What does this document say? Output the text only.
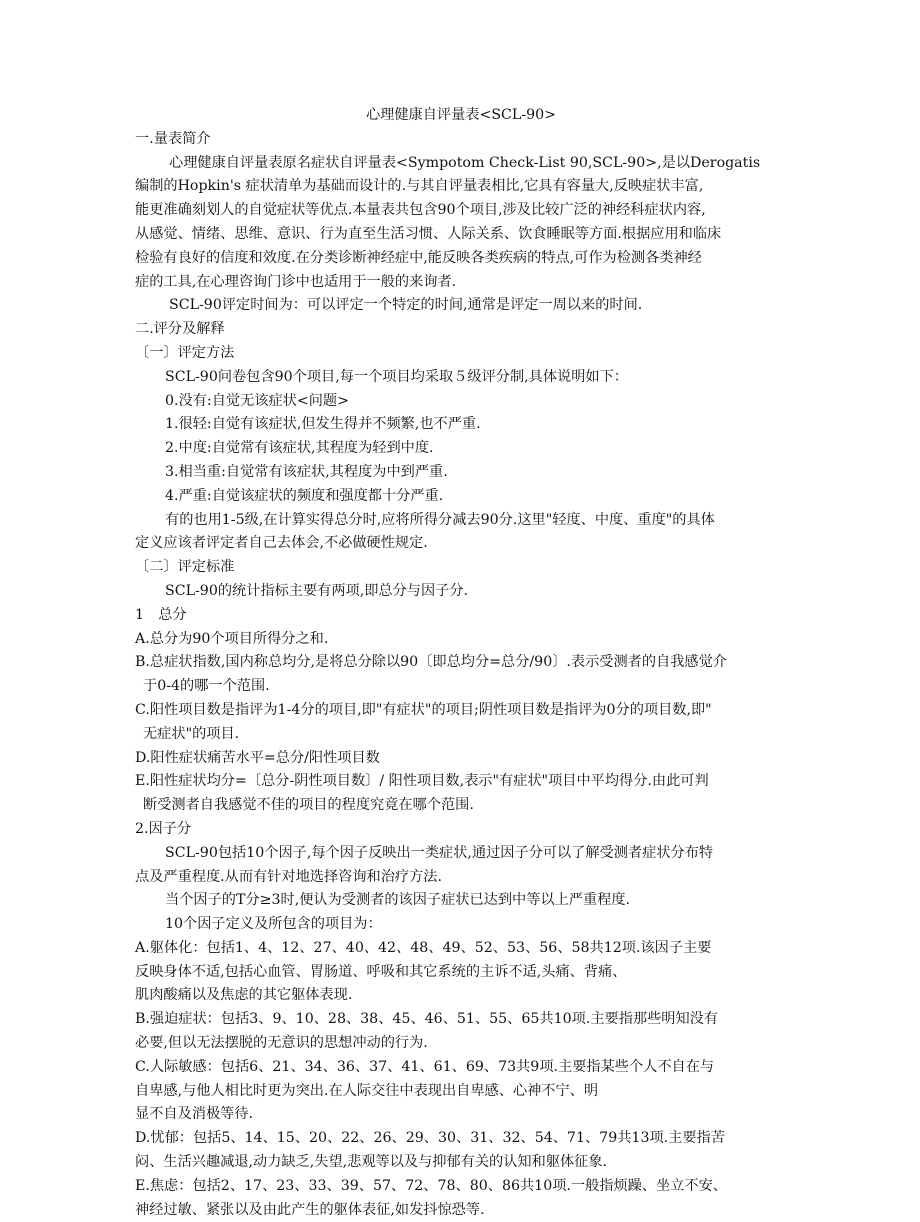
心理健康自评量表<SCL-90>
一.量表简介
心理健康自评量表原名症状自评量表<Sympotom Check-List 90,SCL-90>,是以Derogatis
编制的Hopkin's 症状清单为基础而设计的.与其自评量表相比,它具有容量大,反映症状丰富,
能更准确刻划人的自觉症状等优点.本量表共包含90个项目,涉及比较广泛的神经科症状内容,
从感觉、情绪、思维、意识、行为直至生活习惯、人际关系、饮食睡眠等方面.根据应用和临床
检验有良好的信度和效度.在分类诊断神经症中,能反映各类疾病的特点,可作为检测各类神经
症的工具,在心理咨询门诊中也适用于一般的来询者.
SCL-90评定时间为：可以评定一个特定的时间,通常是评定一周以来的时间.
二.评分及解释
〔一〕评定方法
SCL-90问卷包含90个项目,每一个项目均采取５级评分制,具体说明如下：
0.没有:自觉无该症状<问题>
1.很轻:自觉有该症状,但发生得并不频繁,也不严重.
2.中度:自觉常有该症状,其程度为轻到中度.
3.相当重:自觉常有该症状,其程度为中到严重.
4.严重:自觉该症状的频度和强度都十分严重.
有的也用1-5级,在计算实得总分时,应将所得分减去90分.这里"轻度、中度、重度"的具体
定义应该者评定者自己去体会,不必做硬性规定.
〔二〕评定标准
SCL-90的统计指标主要有两项,即总分与因子分.
1　总分
A.总分为90个项目所得分之和.
B.总症状指数,国内称总均分,是将总分除以90〔即总均分=总分/90〕.表示受测者的自我感觉介
于0-4的哪一个范围.
C.阳性项目数是指评为1-4分的项目,即"有症状"的项目;阴性项目数是指评为0分的项目数,即"
无症状"的项目.
D.阳性症状痛苦水平=总分/阳性项目数
E.阳性症状均分=〔总分-阴性项目数〕/ 阳性项目数,表示"有症状"项目中平均得分.由此可判
断受测者自我感觉不佳的项目的程度究竟在哪个范围.
2.因子分
SCL-90包括10个因子,每个因子反映出一类症状,通过因子分可以了解受测者症状分布特
点及严重程度.从而有针对地选择咨询和治疗方法.
当个因子的T分≥3时,便认为受测者的该因子症状已达到中等以上严重程度.
10个因子定义及所包含的项目为：
A.躯体化：包括1、4、12、27、40、42、48、49、52、53、56、58共12项.该因子主要
反映身体不适,包括心血管、胃肠道、呼吸和其它系统的主诉不适,头痛、背痛、
肌肉酸痛以及焦虑的其它躯体表现.
B.强迫症状：包括3、9、10、28、38、45、46、51、55、65共10项.主要指那些明知没有
必要,但以无法摆脱的无意识的思想冲动的行为.
C.人际敏感：包括6、21、34、36、37、41、61、69、73共9项.主要指某些个人不自在与
自卑感,与他人相比时更为突出.在人际交往中表现出自卑感、心神不宁、明
显不自及消极等待.
D.忧郁：包括5、14、15、20、22、26、29、30、31、32、54、71、79共13项.主要指苦
闷、生活兴趣减退,动力缺乏,失望,悲观等以及与抑郁有关的认知和躯体征象.
E.焦虑：包括2、17、23、33、39、57、72、78、80、86共10项.一般指烦躁、坐立不安、
神经过敏、紧张以及由此产生的躯体表征,如发抖惊恐等.
